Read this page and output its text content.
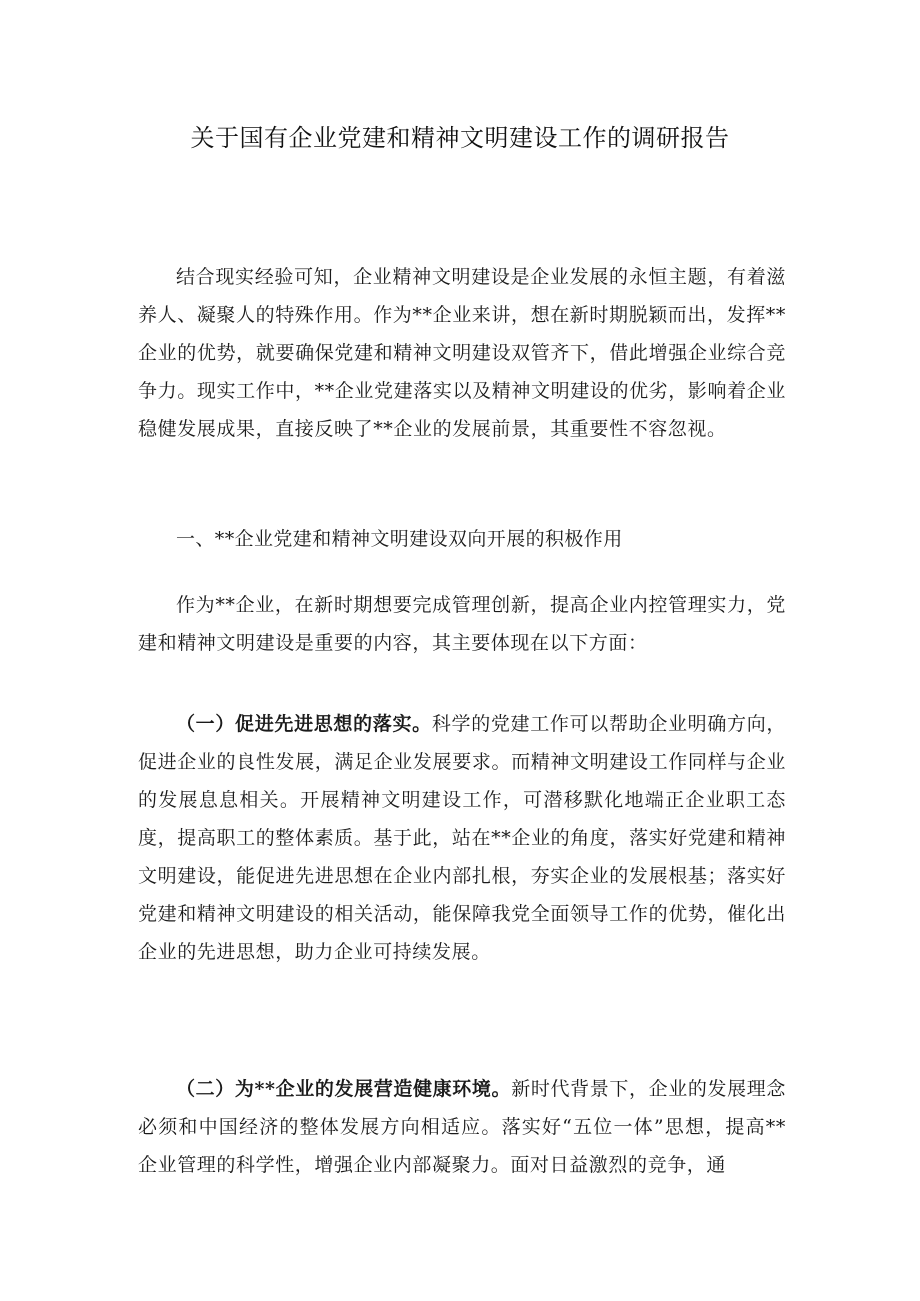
关于国有企业党建和精神文明建设工作的调研报告

结合现实经验可知，企业精神文明建设是企业发展的永恒主题，有着滋养人、凝聚人的特殊作用。作为**企业来讲，想在新时期脱颖而出，发挥**企业的优势，就要确保党建和精神文明建设双管齐下，借此增强企业综合竞争力。现实工作中，**企业党建落实以及精神文明建设的优劣，影响着企业稳健发展成果，直接反映了**企业的发展前景，其重要性不容忽视。

一、**企业党建和精神文明建设双向开展的积极作用

作为**企业，在新时期想要完成管理创新，提高企业内控管理实力，党建和精神文明建设是重要的内容，其主要体现在以下方面：

（一）促进先进思想的落实。科学的党建工作可以帮助企业明确方向，促进企业的良性发展，满足企业发展要求。而精神文明建设工作同样与企业的发展息息相关。开展精神文明建设工作，可潜移默化地端正企业职工态度，提高职工的整体素质。基于此，站在**企业的角度，落实好党建和精神文明建设，能促进先进思想在企业内部扎根，夯实企业的发展根基；落实好党建和精神文明建设的相关活动，能保障我党全面领导工作的优势，催化出企业的先进思想，助力企业可持续发展。

（二）为**企业的发展营造健康环境。新时代背景下，企业的发展理念必须和中国经济的整体发展方向相适应。落实好“五位一体”思想，提高**企业管理的科学性，增强企业内部凝聚力。面对日益激烈的竞争，通
